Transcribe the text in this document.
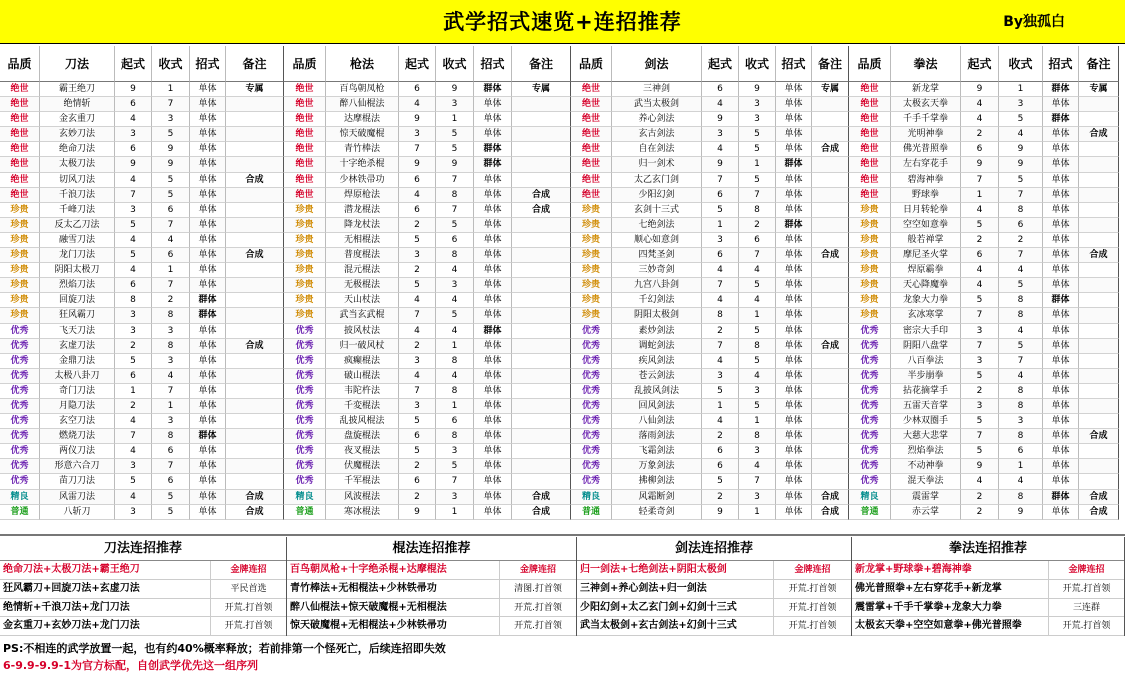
武学招式速览+连招推荐	By独孤白
品质	刀法	起式	收式	招式	备注
绝世	霸王绝刀	9	1	单体	专属
绝世	绝情斩	6	7	单体
绝世	金玄重刀	4	3	单体
绝世	玄妙刀法	3	5	单体
绝世	绝命刀法	6	9	单体
绝世	太极刀法	9	9	单体
绝世	切风刀法	4	5	单体	合成
绝世	千浪刀法	7	5	单体
珍贵	千峰刀法	3	6	单体
珍贵	反太乙刀法	5	7	单体
珍贵	融雪刀法	4	4	单体
珍贵	龙门刀法	5	6	单体	合成
珍贵	阴阳太极刀	4	1	单体
珍贵	烈焰刀法	6	7	单体
珍贵	回旋刀法	8	2	群体
珍贵	狂风霸刀	3	8	群体
优秀	飞天刀法	3	3	单体
优秀	玄虚刀法	2	8	单体	合成
优秀	金鼎刀法	5	3	单体
优秀	太极八卦刀	6	4	单体
优秀	奇门刀法	1	7	单体
优秀	月隐刀法	2	1	单体
优秀	玄空刀法	4	3	单体
优秀	燃烧刀法	7	8	群体
优秀	两仪刀法	4	6	单体
优秀	形意六合刀	3	7	单体
优秀	苗刀刀法	5	6	单体
精良	风雷刀法	4	5	单体	合成
普通	八斩刀	3	5	单体	合成
品质	枪法	起式	收式	招式	备注
绝世	百鸟朝凤枪	6	9	群体	专属
绝世	醉八仙棍法	4	3	单体
绝世	达摩棍法	9	1	单体
绝世	惊天破魔棍	3	5	单体
绝世	青竹棒法	7	5	群体
绝世	十字绝杀棍	9	9	群体
绝世	少林铁帚功	6	7	单体
绝世	焊原枪法	4	8	单体	合成
珍贵	潜龙棍法	6	7	单体	合成
珍贵	降龙杖法	2	5	单体
珍贵	无相棍法	5	6	单体
珍贵	普度棍法	3	8	单体
珍贵	混元棍法	2	4	单体
珍贵	无极棍法	5	3	单体
珍贵	天山杖法	4	4	单体
珍贵	武当玄武棍	7	5	单体
优秀	披风杖法	4	4	群体
优秀	归一破风杖	2	1	单体
优秀	疯癫棍法	3	8	单体
优秀	破山棍法	4	4	单体
优秀	韦陀杵法	7	8	单体
优秀	千変棍法	3	1	单体
优秀	乱披风棍法	5	6	单体
优秀	盘旋棍法	6	8	单体
优秀	夜叉棍法	5	3	单体
优秀	伏魔棍法	2	5	单体
优秀	千军棍法	6	7	单体
精良	风波棍法	2	3	单体	合成
普通	寒冰棍法	9	1	单体	合成
品质	剑法	起式	收式	招式	备注
绝世	三神剑	6	9	单体	专属
绝世	武当太极剑	4	3	单体
绝世	养心剑法	9	3	单体
绝世	玄古剑法	3	5	单体
绝世	自在剑法	4	5	单体	合成
绝世	归一剑术	9	1	群体
绝世	太乙玄门剑	7	5	单体
绝世	少阳幻剑	6	7	单体
珍贵	玄剑十三式	5	8	单体
珍贵	七绝剑法	1	2	群体
珍贵	顺心如意剑	3	6	单体
珍贵	四梵圣剑	6	7	单体	合成
珍贵	三妙奇剑	4	4	单体
珍贵	九宫八卦剑	7	5	单体
珍贵	千幻剑法	4	4	单体
珍贵	阴阳太极剑	8	1	单体
优秀	素炒剑法	2	5	单体
优秀	调蛇剑法	7	8	单体	合成
优秀	疾风剑法	4	5	单体
优秀	苍云剑法	3	4	单体
优秀	乱披风剑法	5	3	单体
优秀	回风剑法	1	5	单体
优秀	八仙剑法	4	1	单体
优秀	落雨剑法	2	8	单体
优秀	飞霜剑法	6	3	单体
优秀	万象剑法	6	4	单体
优秀	拂柳剑法	5	7	单体
精良	风霜断剑	2	3	单体	合成
普通	轻柔奇剑	9	1	单体	合成
品质	拳法	起式	收式	招式	备注
绝世	新龙掌	9	1	群体	专属
绝世	太极玄天拳	4	3	单体
绝世	千手千掌拳	4	5	群体
绝世	光明神拳	2	4	单体	合成
绝世	佛光普照拳	6	9	单体
绝世	左右穿花手	9	9	单体
绝世	碧海神拳	7	5	单体
绝世	野球拳	1	7	单体
珍贵	日月转轮拳	4	8	单体
珍贵	空空如意拳	5	6	单体
珍贵	般若禅掌	2	2	单体
珍贵	摩尼圣火掌	6	7	单体	合成
珍贵	焊原霸拳	4	4	单体
珍贵	天心降魔拳	4	5	单体
珍贵	龙象大力拳	5	8	群体
珍贵	玄冰寒掌	7	8	单体
优秀	密宗大手印	3	4	单体
优秀	阴阳八盘掌	7	5	单体
优秀	八百拳法	3	7	单体
优秀	半步崩拳	5	4	单体
优秀	拈花摘掌手	2	8	单体
优秀	五雷天音掌	3	8	单体
优秀	少林双圈手	5	3	单体
优秀	大慈大悲掌	7	8	单体	合成
优秀	烈焰拳法	5	6	单体
优秀	不动神拳	9	1	单体
优秀	混天拳法	4	4	单体
精良	震雷掌	2	8	群体	合成
普通	赤云掌	2	9	单体	合成
刀法连招推荐
绝命刀法+太极刀法+霸王绝刀	金牌连招
狂风霸刀+回旋刀法+玄虚刀法	平民首选
绝情斩+千浪刀法+龙门刀法	开荒.打首领
金玄重刀+玄妙刀法+龙门刀法	开荒.打首领
棍法连招推荐
百鸟朝凤枪+十字绝杀棍+达摩棍法	金牌连招
青竹棒法+无相棍法+少林铁帚功	清图.打首领
醉八仙棍法+惊天破魔棍+无相棍法	开荒.打首领
惊天破魔棍+无相棍法+少林铁帚功	开荒.打首领
剑法连招推荐
归一剑法+七绝剑法+阴阳太极剑	金牌连招
三神剑+养心剑法+归一剑法	开荒.打首领
少阳幻剑+太乙玄门剑+幻剑十三式	开荒.打首领
武当太极剑+玄古剑法+幻剑十三式	开荒.打首领
拳法连招推荐
新龙掌+野球拳+碧海神拳	金牌连招
佛光普照拳+左右穿花手+新龙掌	开荒.打首领
震雷掌+千手千掌拳+龙象大力拳	三连群
太极玄天拳+空空如意拳+佛光普照拳	开荒.打首领
PS:不相连的武学放置一起，也有约40%概率释放；若前排第一个怪死亡，后续连招即失效
6-9.9-9.9-1为官方标配，自创武学优先这一组序列
